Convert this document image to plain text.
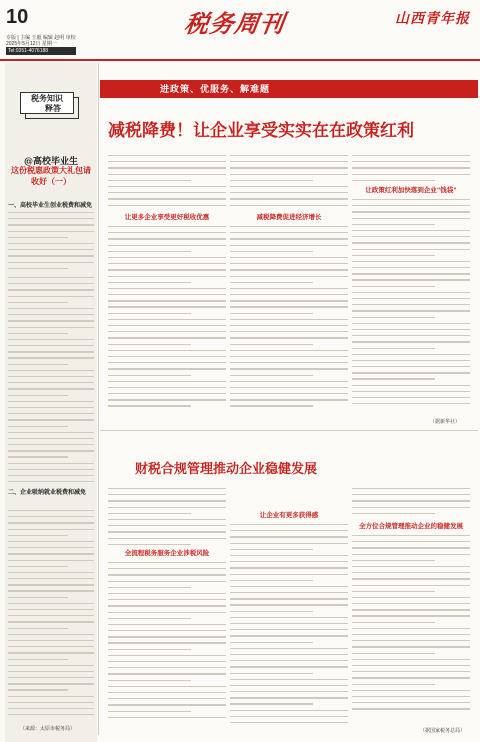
10
专版 | 主编 王毅 编辑 赵明 审校
2025年5月12日 星期一
Tel:0351-4076188
税务周刊	山西青年报
税务知识
释答
@高校毕业生
这份税惠政策大礼包请收好（一）
一、高校毕业生创业税费和减免
二、企业吸纳就业税费和减免
（来源：太原市税务局）
进政策、优服务、解难题
减税降费！让企业享受实实在在政策红利
让更多企业享受更好税收优惠	减税降费促进经济增长
让政策红利加快落到企业"钱袋"
（据新华社）
财税合规管理推动企业稳健发展
全流程税务服务企业涉税风险
让企业有更多获得感
全方位合规管理推动企业的稳健发展
（据国家税务总局）
